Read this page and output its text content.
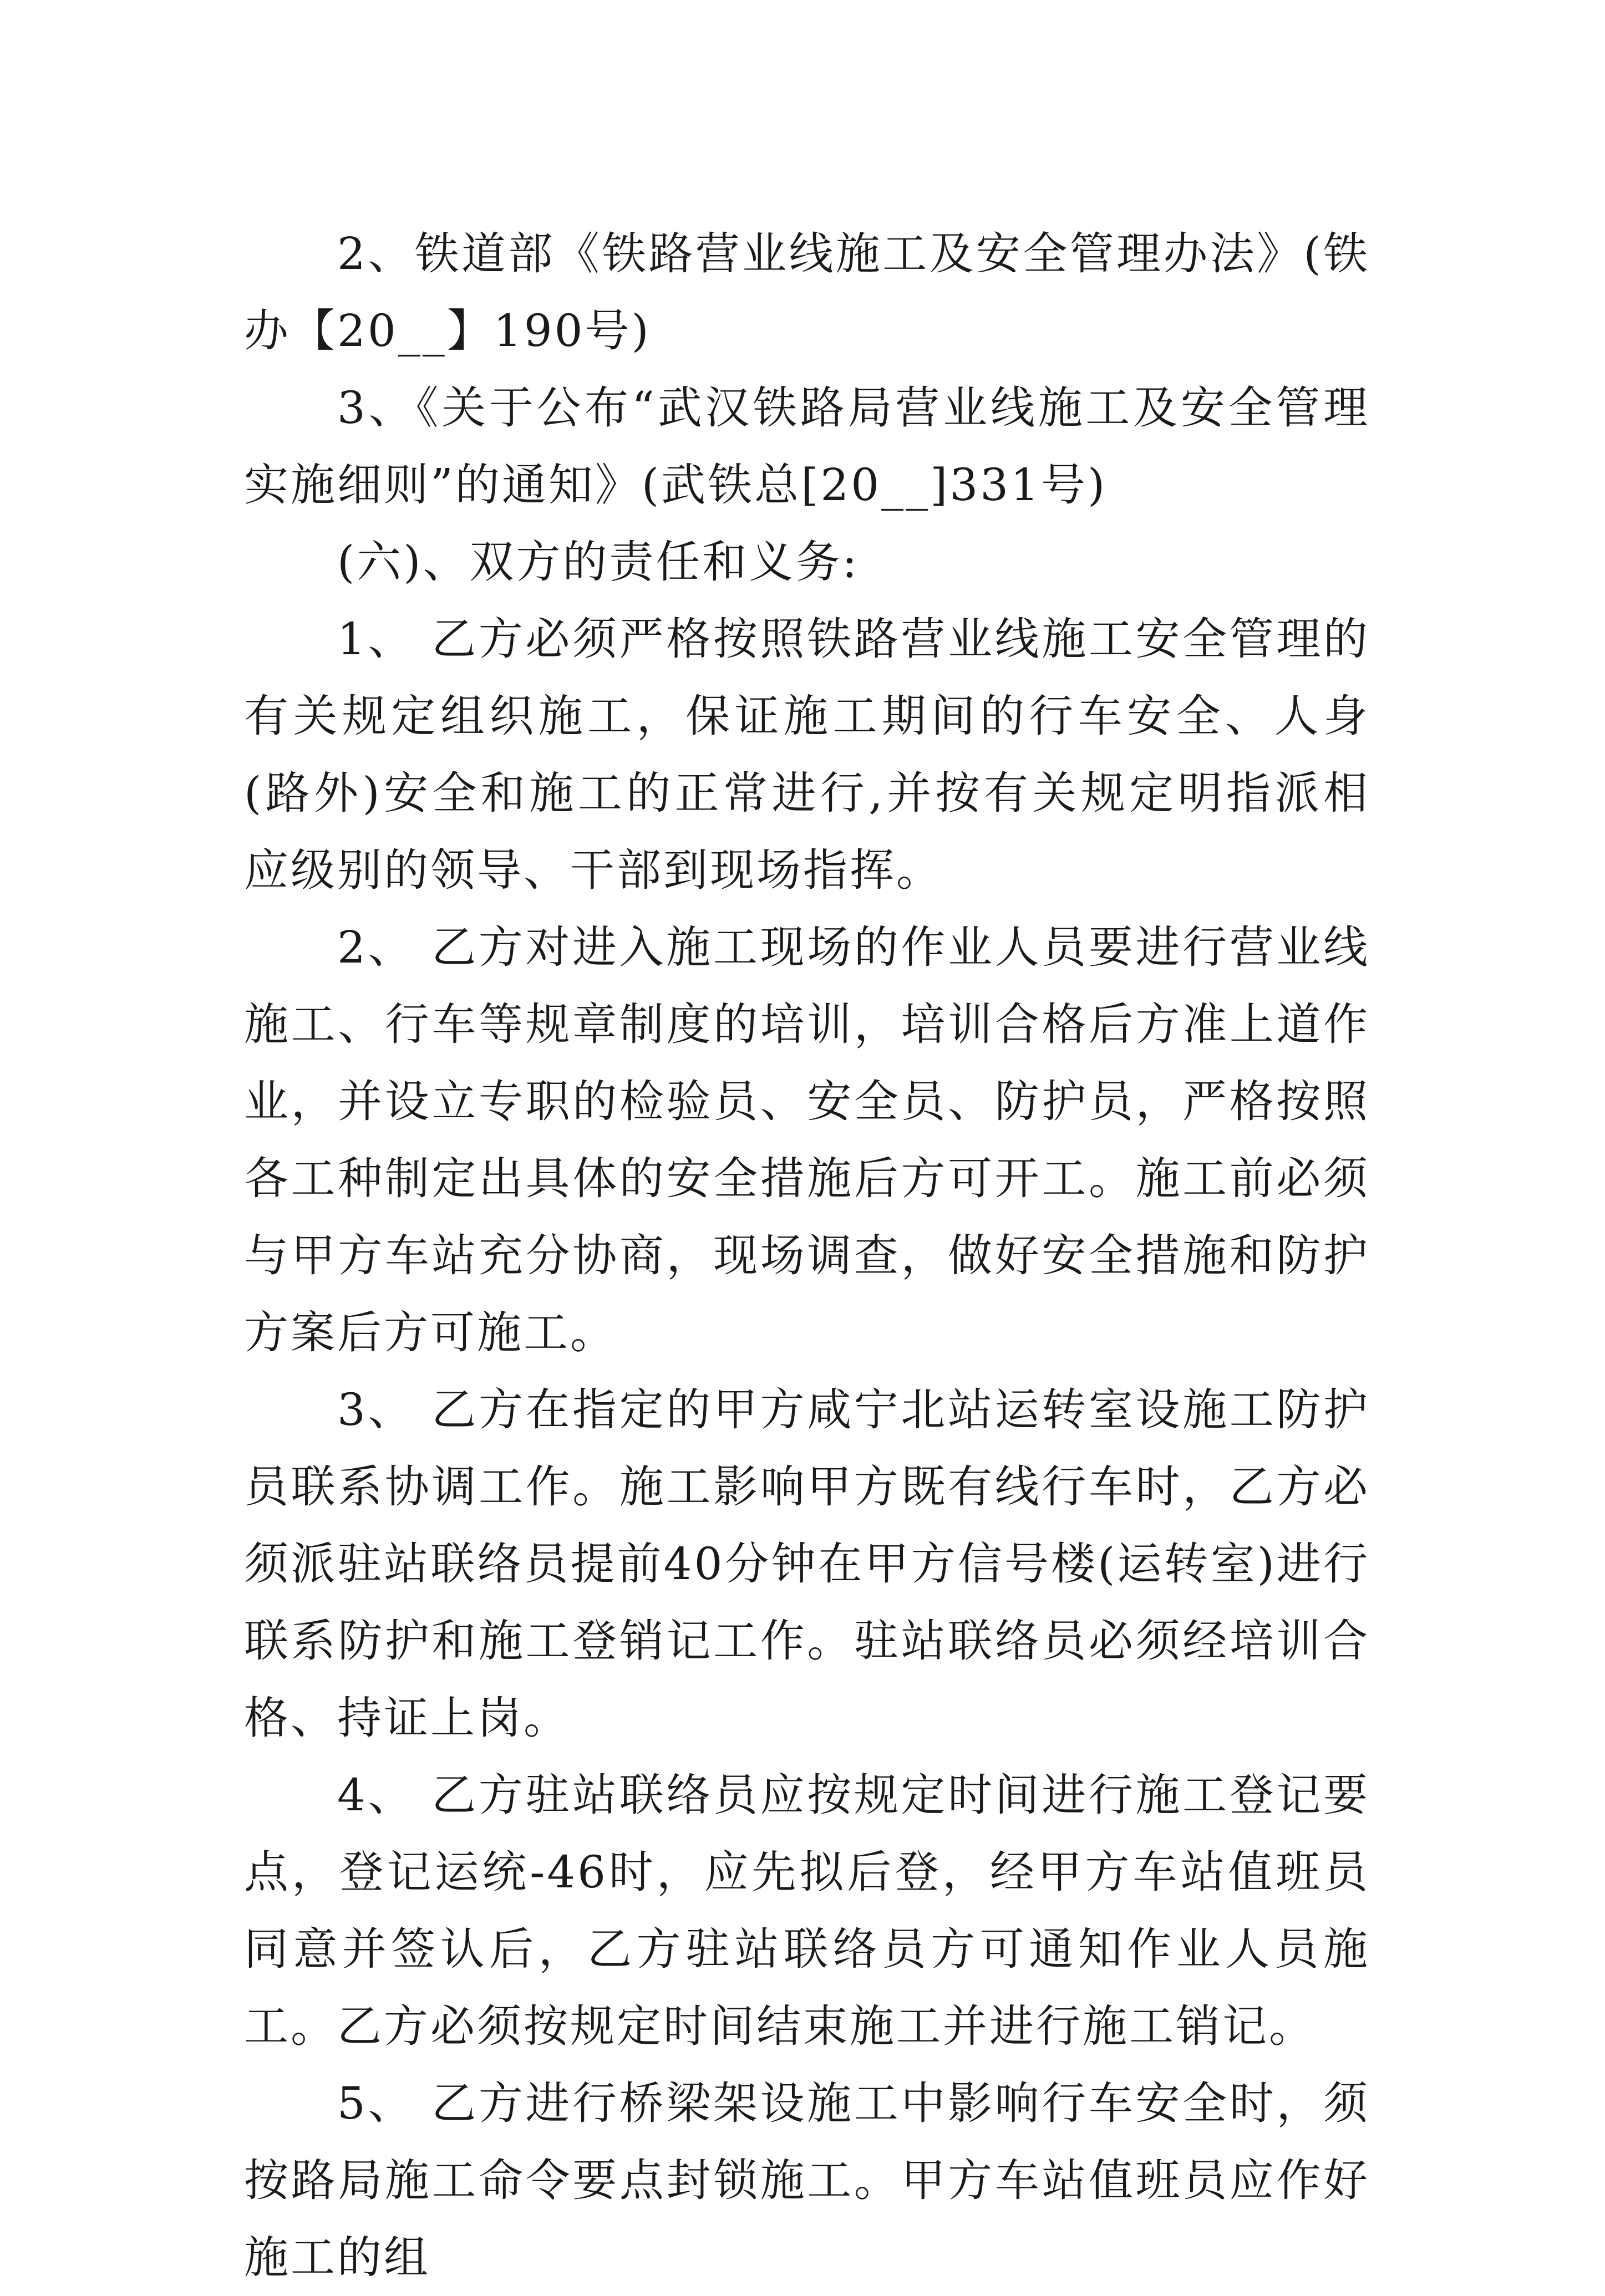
2、铁道部《铁路营业线施工及安全管理办法》(铁办【20__】190号)

3、《关于公布“武汉铁路局营业线施工及安全管理实施细则”的通知》(武铁总[20__]331号)

(六)、双方的责任和义务:

1、 乙方必须严格按照铁路营业线施工安全管理的有关规定组织施工，保证施工期间的行车安全、人身(路外)安全和施工的正常进行,并按有关规定明指派相应级别的领导、干部到现场指挥。

2、 乙方对进入施工现场的作业人员要进行营业线施工、行车等规章制度的培训，培训合格后方准上道作业，并设立专职的检验员、安全员、防护员，严格按照各工种制定出具体的安全措施后方可开工。施工前必须与甲方车站充分协商，现场调查，做好安全措施和防护方案后方可施工。

3、 乙方在指定的甲方咸宁北站运转室设施工防护员联系协调工作。施工影响甲方既有线行车时，乙方必须派驻站联络员提前40分钟在甲方信号楼(运转室)进行联系防护和施工登销记工作。驻站联络员必须经培训合格、持证上岗。

4、 乙方驻站联络员应按规定时间进行施工登记要点，登记运统-46时，应先拟后登，经甲方车站值班员同意并签认后，乙方驻站联络员方可通知作业人员施工。乙方必须按规定时间结束施工并进行施工销记。

5、 乙方进行桥梁架设施工中影响行车安全时，须按路局施工命令要点封锁施工。甲方车站值班员应作好施工的组
